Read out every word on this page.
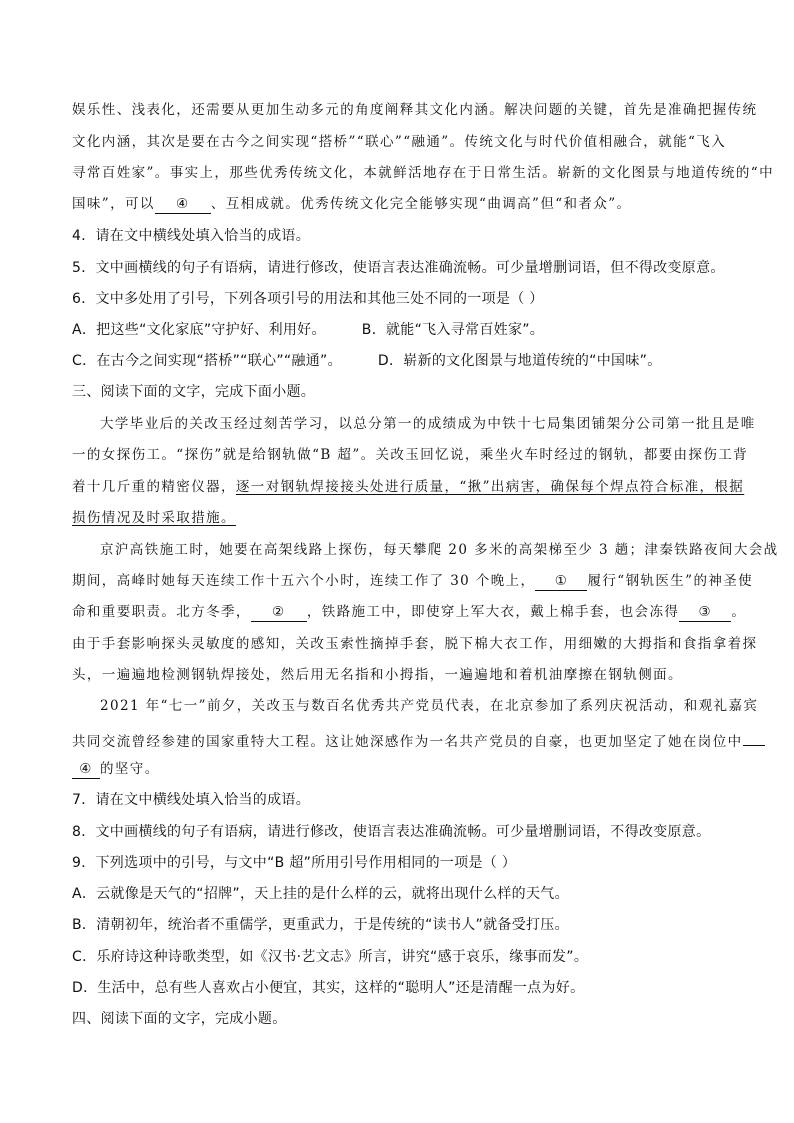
娱乐性、浅表化，还需要从更加生动多元的角度阐释其文化内涵。解决问题的关键，首先是准确把握传统
文化内涵，其次是要在古今之间实现“搭桥”“联心”“融通”。传统文化与时代价值相融合，就能“飞入
寻常百姓家”。事实上，那些优秀传统文化，本就鲜活地存在于日常生活。崭新的文化图景与地道传统的“中
国味”，可以 ④ 、互相成就。优秀传统文化完全能够实现“曲调高”但“和者众”。
4．请在文中横线处填入恰当的成语。
5．文中画横线的句子有语病，请进行修改，使语言表达准确流畅。可少量增删词语，但不得改变原意。
6．文中多处用了引号，下列各项引号的用法和其他三处不同的一项是（ ）
A．把这些“文化家底”守护好、利用好。	B．就能“飞入寻常百姓家”。
C．在古今之间实现“搭桥”“联心”“融通”。	D．崭新的文化图景与地道传统的“中国味”。
三、阅读下面的文字，完成下面小题。
大学毕业后的关改玉经过刻苦学习，以总分第一的成绩成为中铁十七局集团铺架分公司第一批且是唯
一的女探伤工。“探伤”就是给钢轨做“B 超”。关改玉回忆说，乘坐火车时经过的钢轨，都要由探伤工背
着十几斤重的精密仪器，逐一对钢轨焊接接头处进行质量，“揪”出病害，确保每个焊点符合标准，根据
损伤情况及时采取措施。
京沪高铁施工时，她要在高架线路上探伤，每天攀爬 20 多米的高架梯至少 3 趟；津秦铁路夜间大会战
期间，高峰时她每天连续工作十五六个小时，连续工作了 30 个晚上， ① 履行“钢轨医生”的神圣使
命和重要职责。北方冬季， ② ，铁路施工中，即使穿上军大衣，戴上棉手套，也会冻得 ③ 。
由于手套影响探头灵敏度的感知，关改玉索性摘掉手套，脱下棉大衣工作，用细嫩的大拇指和食指拿着探
头，一遍遍地检测钢轨焊接处，然后用无名指和小拇指，一遍遍地和着机油摩擦在钢轨侧面。
2021 年“七一”前夕，关改玉与数百名优秀共产党员代表，在北京参加了系列庆祝活动，和观礼嘉宾
共同交流曾经参建的国家重特大工程。这让她深感作为一名共产党员的自豪，也更加坚定了她在岗位中
④ 的坚守。
7．请在文中横线处填入恰当的成语。
8．文中画横线的句子有语病，请进行修改，使语言表达准确流畅。可少量增删词语，不得改变原意。
9．下列选项中的引号，与文中“B 超”所用引号作用相同的一项是（ ）
A．云就像是天气的“招牌”，天上挂的是什么样的云，就将出现什么样的天气。
B．清朝初年，统治者不重儒学，更重武力，于是传统的“读书人”就备受打压。
C．乐府诗这种诗歌类型，如《汉书·艺文志》所言，讲究“感于哀乐，缘事而发”。
D．生活中，总有些人喜欢占小便宜，其实，这样的“聪明人”还是清醒一点为好。
四、阅读下面的文字，完成小题。
